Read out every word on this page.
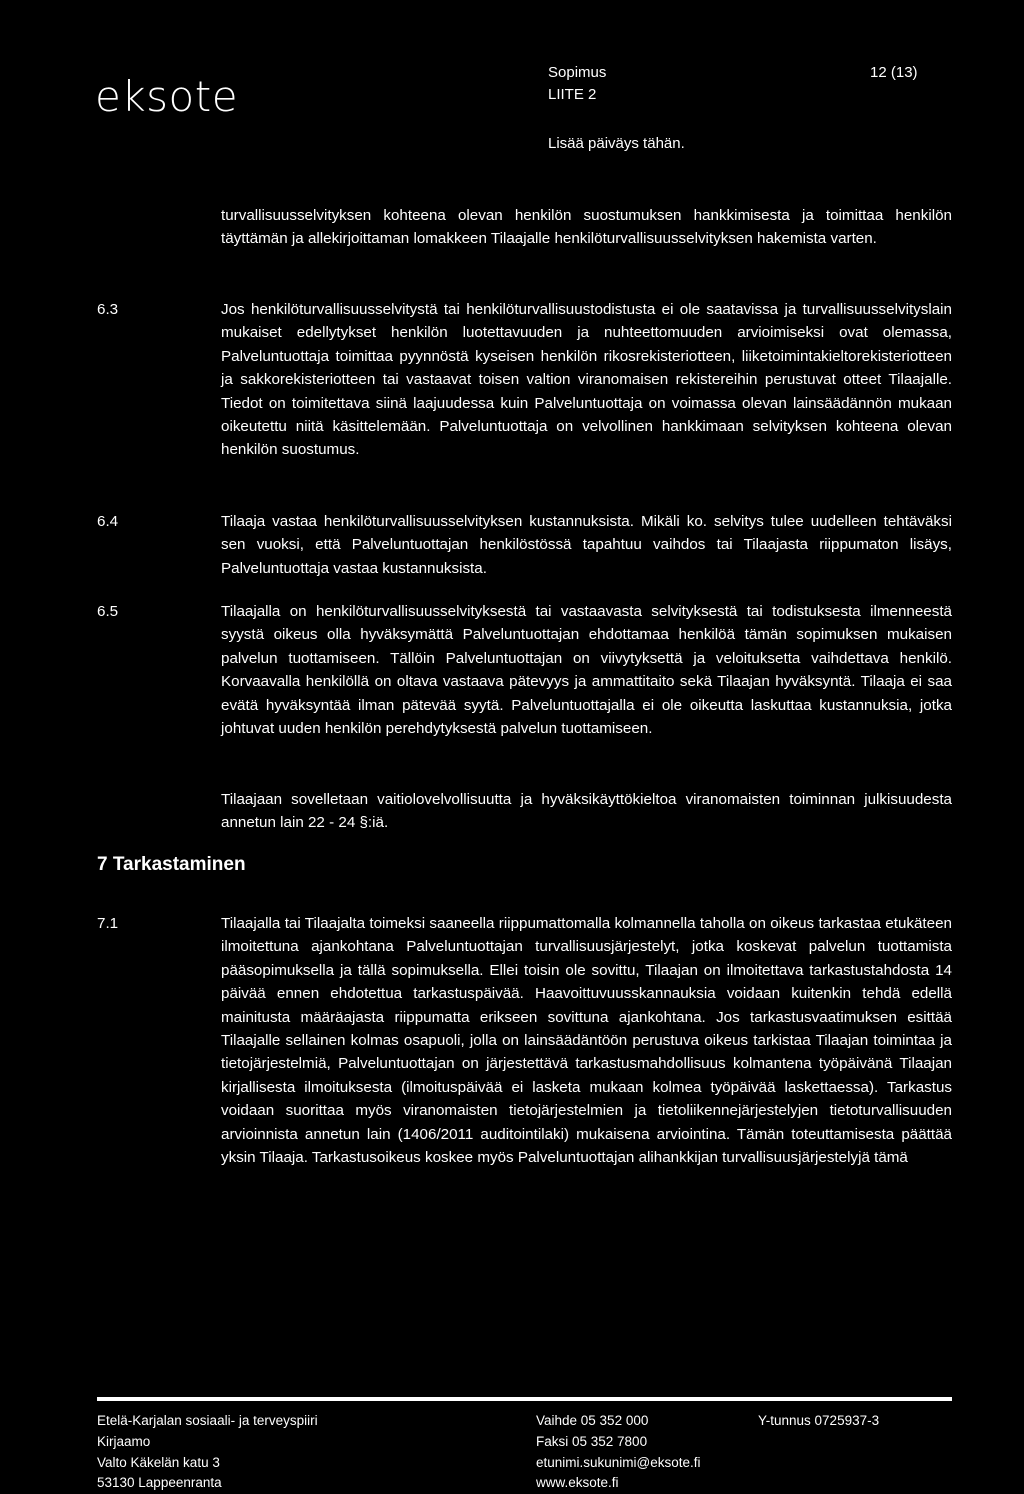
eksote	Sopimus
LIITE 2
12 (13)
Lisää päiväys tähän.

turvallisuusselvityksen kohteena olevan henkilön suostumuksen hankkimisesta ja toimittaa henkilön täyttämän ja allekirjoittaman lomakkeen Tilaajalle henkilöturvallisuusselvityksen hakemista varten.

6.3	Jos henkilöturvallisuusselvitystä tai henkilöturvallisuustodistusta ei ole saatavissa ja turvallisuusselvityslain mukaiset edellytykset henkilön luotettavuuden ja nuhteettomuuden arvioimiseksi ovat olemassa, Palveluntuottaja toimittaa pyynnöstä kyseisen henkilön rikosrekisteriotteen, liiketoimintakieltorekisteriotteen ja sakkorekisteriotteen tai vastaavat toisen valtion viranomaisen rekistereihin perustuvat otteet Tilaajalle. Tiedot on toimitettava siinä laajuudessa kuin Palveluntuottaja on voimassa olevan lainsäädännön mukaan oikeutettu niitä käsittelemään. Palveluntuottaja on velvollinen hankkimaan selvityksen kohteena olevan henkilön suostumus.

6.4	Tilaaja vastaa henkilöturvallisuusselvityksen kustannuksista. Mikäli ko. selvitys tulee uudelleen tehtäväksi sen vuoksi, että Palveluntuottajan henkilöstössä tapahtuu vaihdos tai Tilaajasta riippumaton lisäys, Palveluntuottaja vastaa kustannuksista.

6.5	Tilaajalla on henkilöturvallisuusselvityksestä tai vastaavasta selvityksestä tai todistuksesta ilmenneestä syystä oikeus olla hyväksymättä Palveluntuottajan ehdottamaa henkilöä tämän sopimuksen mukaisen palvelun tuottamiseen. Tällöin Palveluntuottajan on viivytyksettä ja veloituksetta vaihdettava henkilö. Korvaavalla henkilöllä on oltava vastaava pätevyys ja ammattitaito sekä Tilaajan hyväksyntä. Tilaaja ei saa evätä hyväksyntää ilman pätevää syytä. Palveluntuottajalla ei ole oikeutta laskuttaa kustannuksia, jotka johtuvat uuden henkilön perehdytyksestä palvelun tuottamiseen.

Tilaajaan sovelletaan vaitiolovelvollisuutta ja hyväksikäyttökieltoa viranomaisten toiminnan julkisuudesta annetun lain 22 - 24 §:iä.

7 Tarkastaminen

7.1	Tilaajalla tai Tilaajalta toimeksi saaneella riippumattomalla kolmannella taholla on oikeus tarkastaa etukäteen ilmoitettuna ajankohtana Palveluntuottajan turvallisuusjärjestelyt, jotka koskevat palvelun tuottamista pääsopimuksella ja tällä sopimuksella. Ellei toisin ole sovittu, Tilaajan on ilmoitettava tarkastustahdosta 14 päivää ennen ehdotettua tarkastuspäivää. Haavoittuvuusskannauksia voidaan kuitenkin tehdä edellä mainitusta määräajasta riippumatta erikseen sovittuna ajankohtana. Jos tarkastusvaatimuksen esittää Tilaajalle sellainen kolmas osapuoli, jolla on lainsäädäntöön perustuva oikeus tarkistaa Tilaajan toimintaa ja tietojärjestelmiä, Palveluntuottajan on järjestettävä tarkastusmahdollisuus kolmantena työpäivänä Tilaajan kirjallisesta ilmoituksesta (ilmoituspäivää ei lasketa mukaan kolmea työpäivää laskettaessa). Tarkastus voidaan suorittaa myös viranomaisten tietojärjestelmien ja tietoliikennejärjestelyjen tietoturvallisuuden arvioinnista annetun lain (1406/2011 auditointilaki) mukaisena arviointina. Tämän toteuttamisesta päättää yksin Tilaaja. Tarkastusoikeus koskee myös Palveluntuottajan alihankkijan turvallisuusjärjestelyjä tämä

Etelä-Karjalan sosiaali- ja terveyspiiri
Kirjaamo
Valto Käkelän katu 3
53130 Lappeenranta
Vaihde 05 352 000
Faksi 05 352 7800
etunimi.sukunimi@eksote.fi
www.eksote.fi
Y-tunnus 0725937-3
